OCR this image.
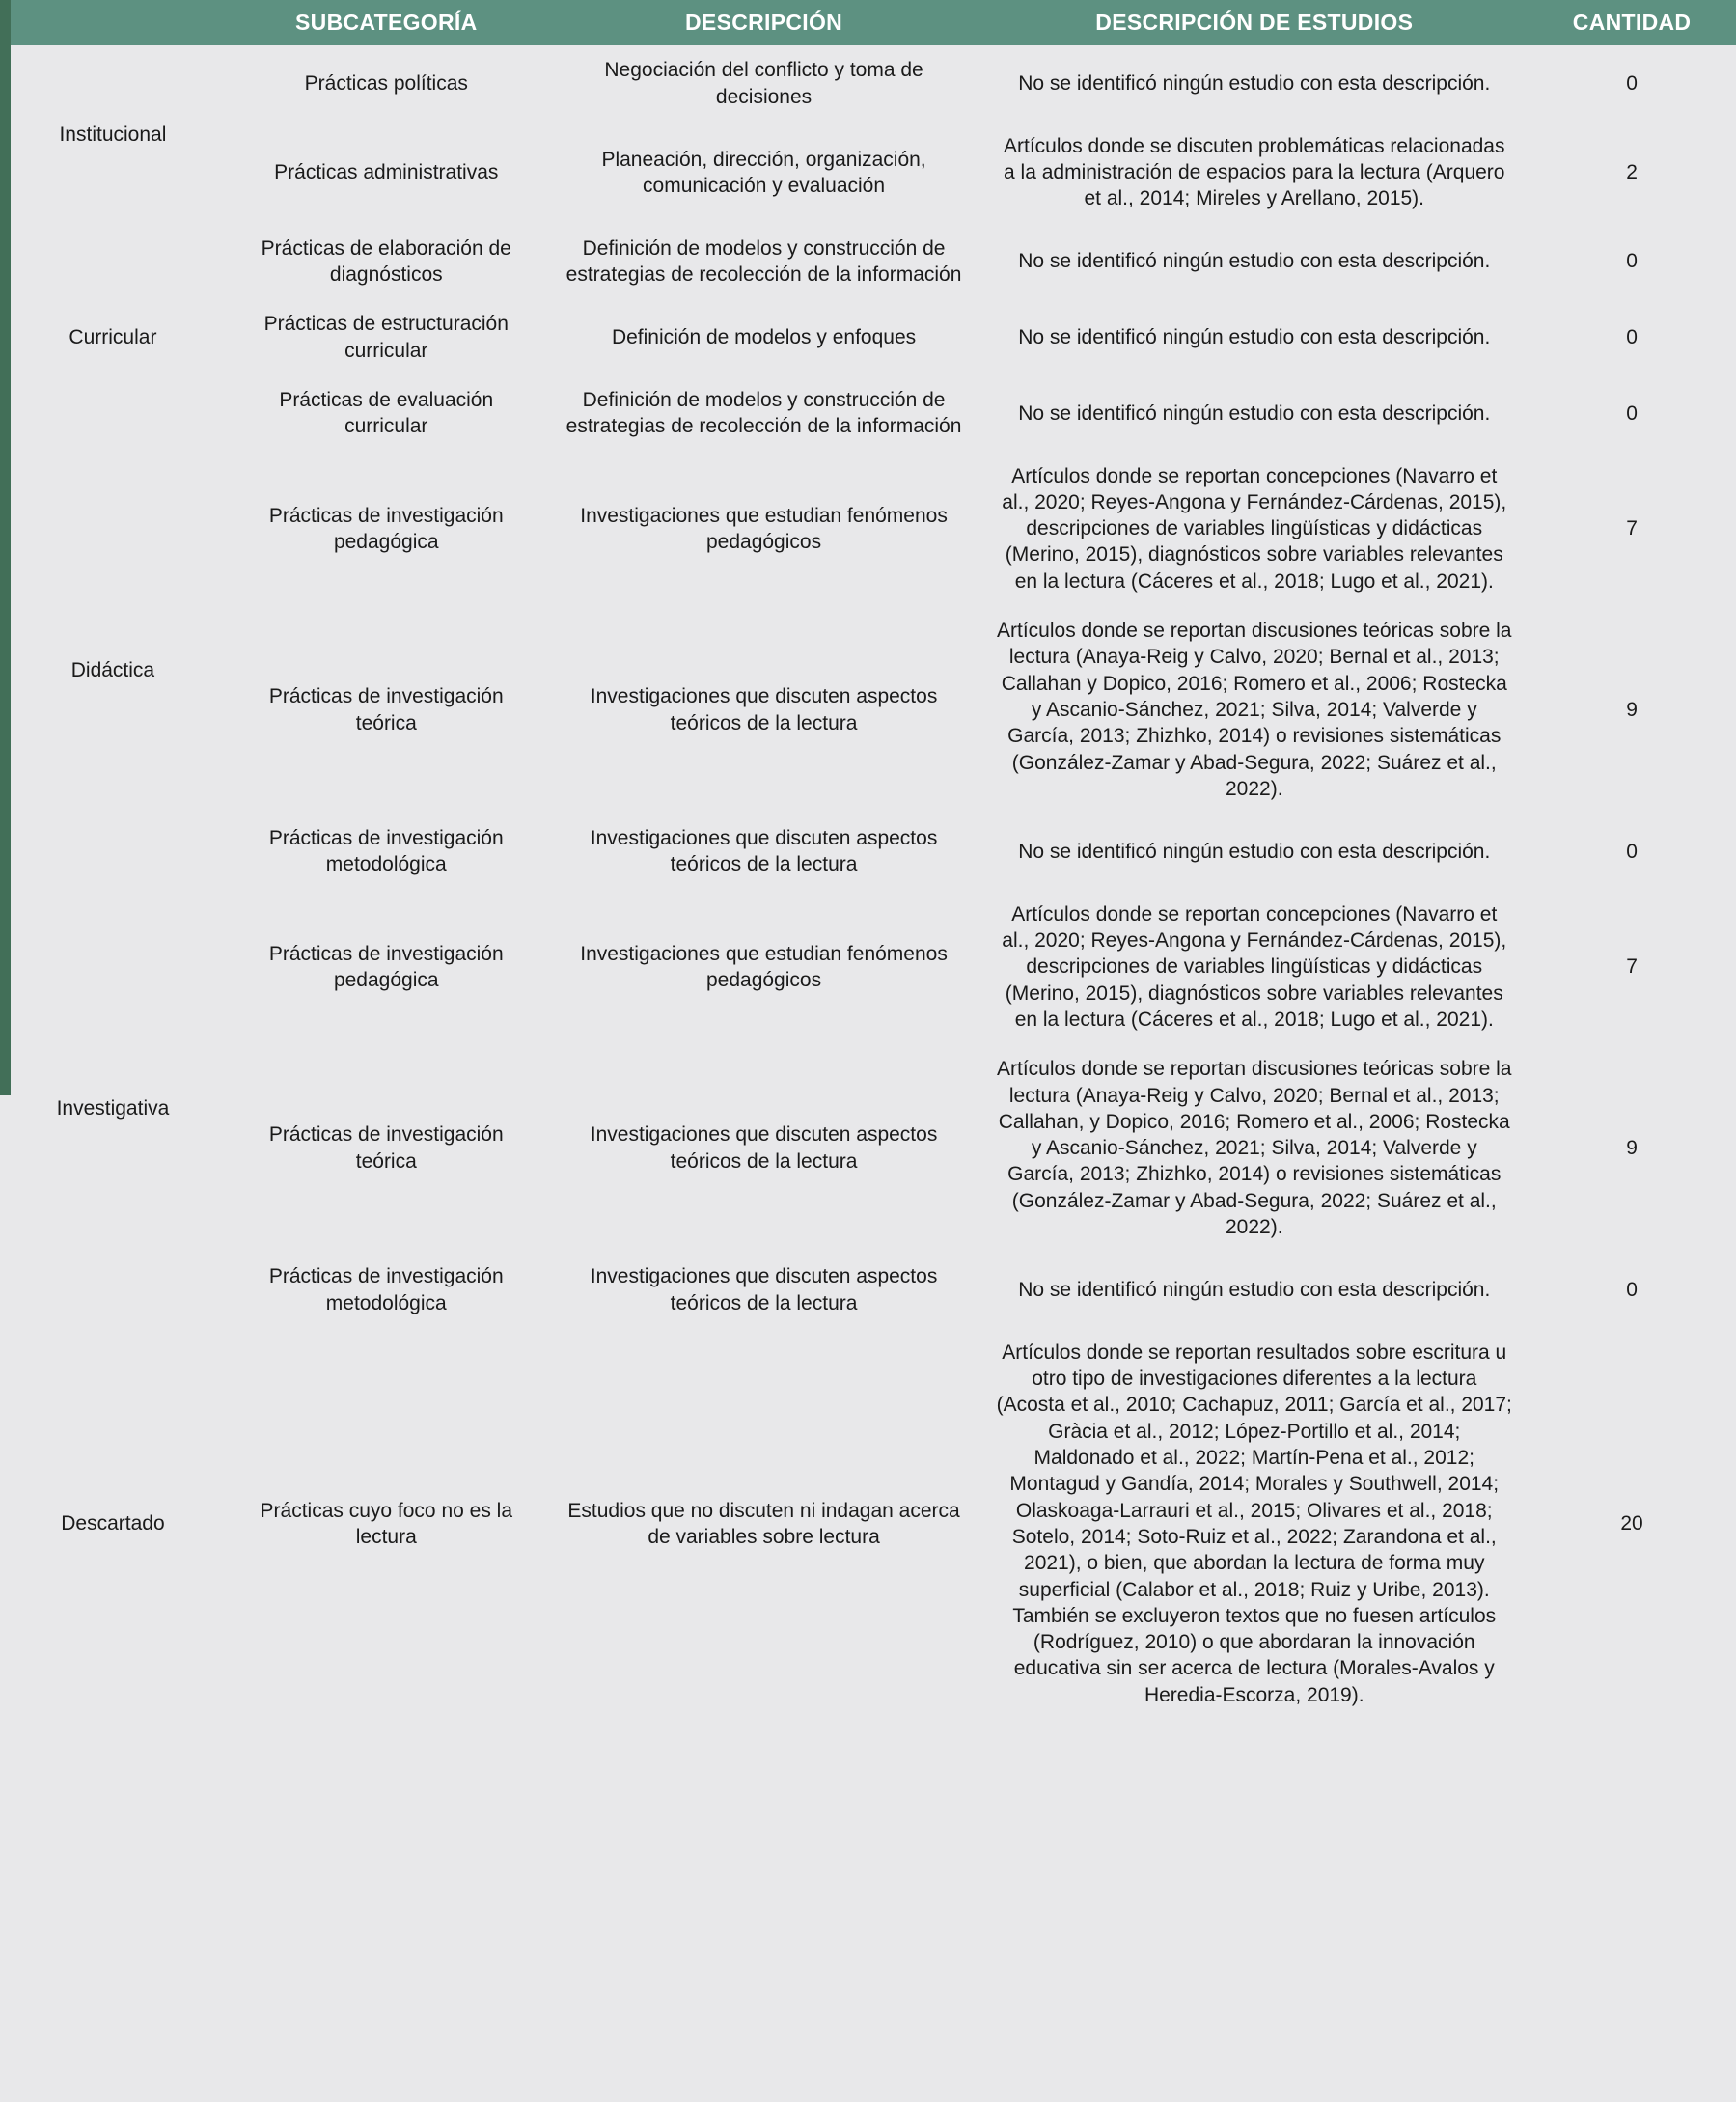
	SUBCATEGORÍA	DESCRIPCIÓN	DESCRIPCIÓN DE ESTUDIOS	CANTIDAD
Institucional	Prácticas políticas	Negociación del conflicto y toma de decisiones	No se identificó ningún estudio con esta descripción.	0
	Prácticas administrativas	Planeación, dirección, organización, comunicación y evaluación	Artículos donde se discuten problemáticas relacionadas a la administración de espacios para la lectura (Arquero et al., 2014; Mireles y Arellano, 2015).	2
Curricular	Prácticas de elaboración de diagnósticos	Definición de modelos y construcción de estrategias de recolección de la información	No se identificó ningún estudio con esta descripción.	0
	Prácticas de estructuración curricular	Definición de modelos y enfoques	No se identificó ningún estudio con esta descripción.	0
	Prácticas de evaluación curricular	Definición de modelos y construcción de estrategias de recolección de la información	No se identificó ningún estudio con esta descripción.	0
Didáctica	Prácticas de investigación pedagógica	Investigaciones que estudian fenómenos pedagógicos	Artículos donde se reportan concepciones (Navarro et al., 2020; Reyes-Angona y Fernández-Cárdenas, 2015), descripciones de variables lingüísticas y didácticas (Merino, 2015), diagnósticos sobre variables relevantes en la lectura (Cáceres et al., 2018; Lugo et al., 2021).	7
	Prácticas de investigación teórica	Investigaciones que discuten aspectos teóricos de la lectura	Artículos donde se reportan discusiones teóricas sobre la lectura (Anaya-Reig y Calvo, 2020; Bernal et al., 2013; Callahan y Dopico, 2016; Romero et al., 2006; Rostecka y Ascanio-Sánchez, 2021; Silva, 2014; Valverde y García, 2013; Zhizhko, 2014) o revisiones sistemáticas (González-Zamar y Abad-Segura, 2022; Suárez et al., 2022).	9
	Prácticas de investigación metodológica	Investigaciones que discuten aspectos teóricos de la lectura	No se identificó ningún estudio con esta descripción.	0
Investigativa	Prácticas de investigación pedagógica	Investigaciones que estudian fenómenos pedagógicos	Artículos donde se reportan concepciones (Navarro et al., 2020; Reyes-Angona y Fernández-Cárdenas, 2015), descripciones de variables lingüísticas y didácticas (Merino, 2015), diagnósticos sobre variables relevantes en la lectura (Cáceres et al., 2018; Lugo et al., 2021).	7
	Prácticas de investigación teórica	Investigaciones que discuten aspectos teóricos de la lectura	Artículos donde se reportan discusiones teóricas sobre la lectura (Anaya-Reig y Calvo, 2020; Bernal et al., 2013; Callahan, y Dopico, 2016; Romero et al., 2006; Rostecka y Ascanio-Sánchez, 2021; Silva, 2014; Valverde y García, 2013; Zhizhko, 2014) o revisiones sistemáticas (González-Zamar y Abad-Segura, 2022; Suárez et al., 2022).	9
	Prácticas de investigación metodológica	Investigaciones que discuten aspectos teóricos de la lectura	No se identificó ningún estudio con esta descripción.	0
Descartado	Prácticas cuyo foco no es la lectura	Estudios que no discuten ni indagan acerca de variables sobre lectura	Artículos donde se reportan resultados sobre escritura u otro tipo de investigaciones diferentes a la lectura (Acosta et al., 2010; Cachapuz, 2011; García et al., 2017; Gràcia et al., 2012; López-Portillo et al., 2014; Maldonado et al., 2022; Martín-Pena et al., 2012; Montagud y Gandía, 2014; Morales y Southwell, 2014; Olaskoaga-Larrauri et al., 2015; Olivares et al., 2018; Sotelo, 2014; Soto-Ruiz et al., 2022; Zarandona et al., 2021), o bien, que abordan la lectura de forma muy superficial (Calabor et al., 2018; Ruiz y Uribe, 2013). También se excluyeron textos que no fuesen artículos (Rodríguez, 2010) o que abordaran la innovación educativa sin ser acerca de lectura (Morales-Avalos y Heredia-Escorza, 2019).	20
